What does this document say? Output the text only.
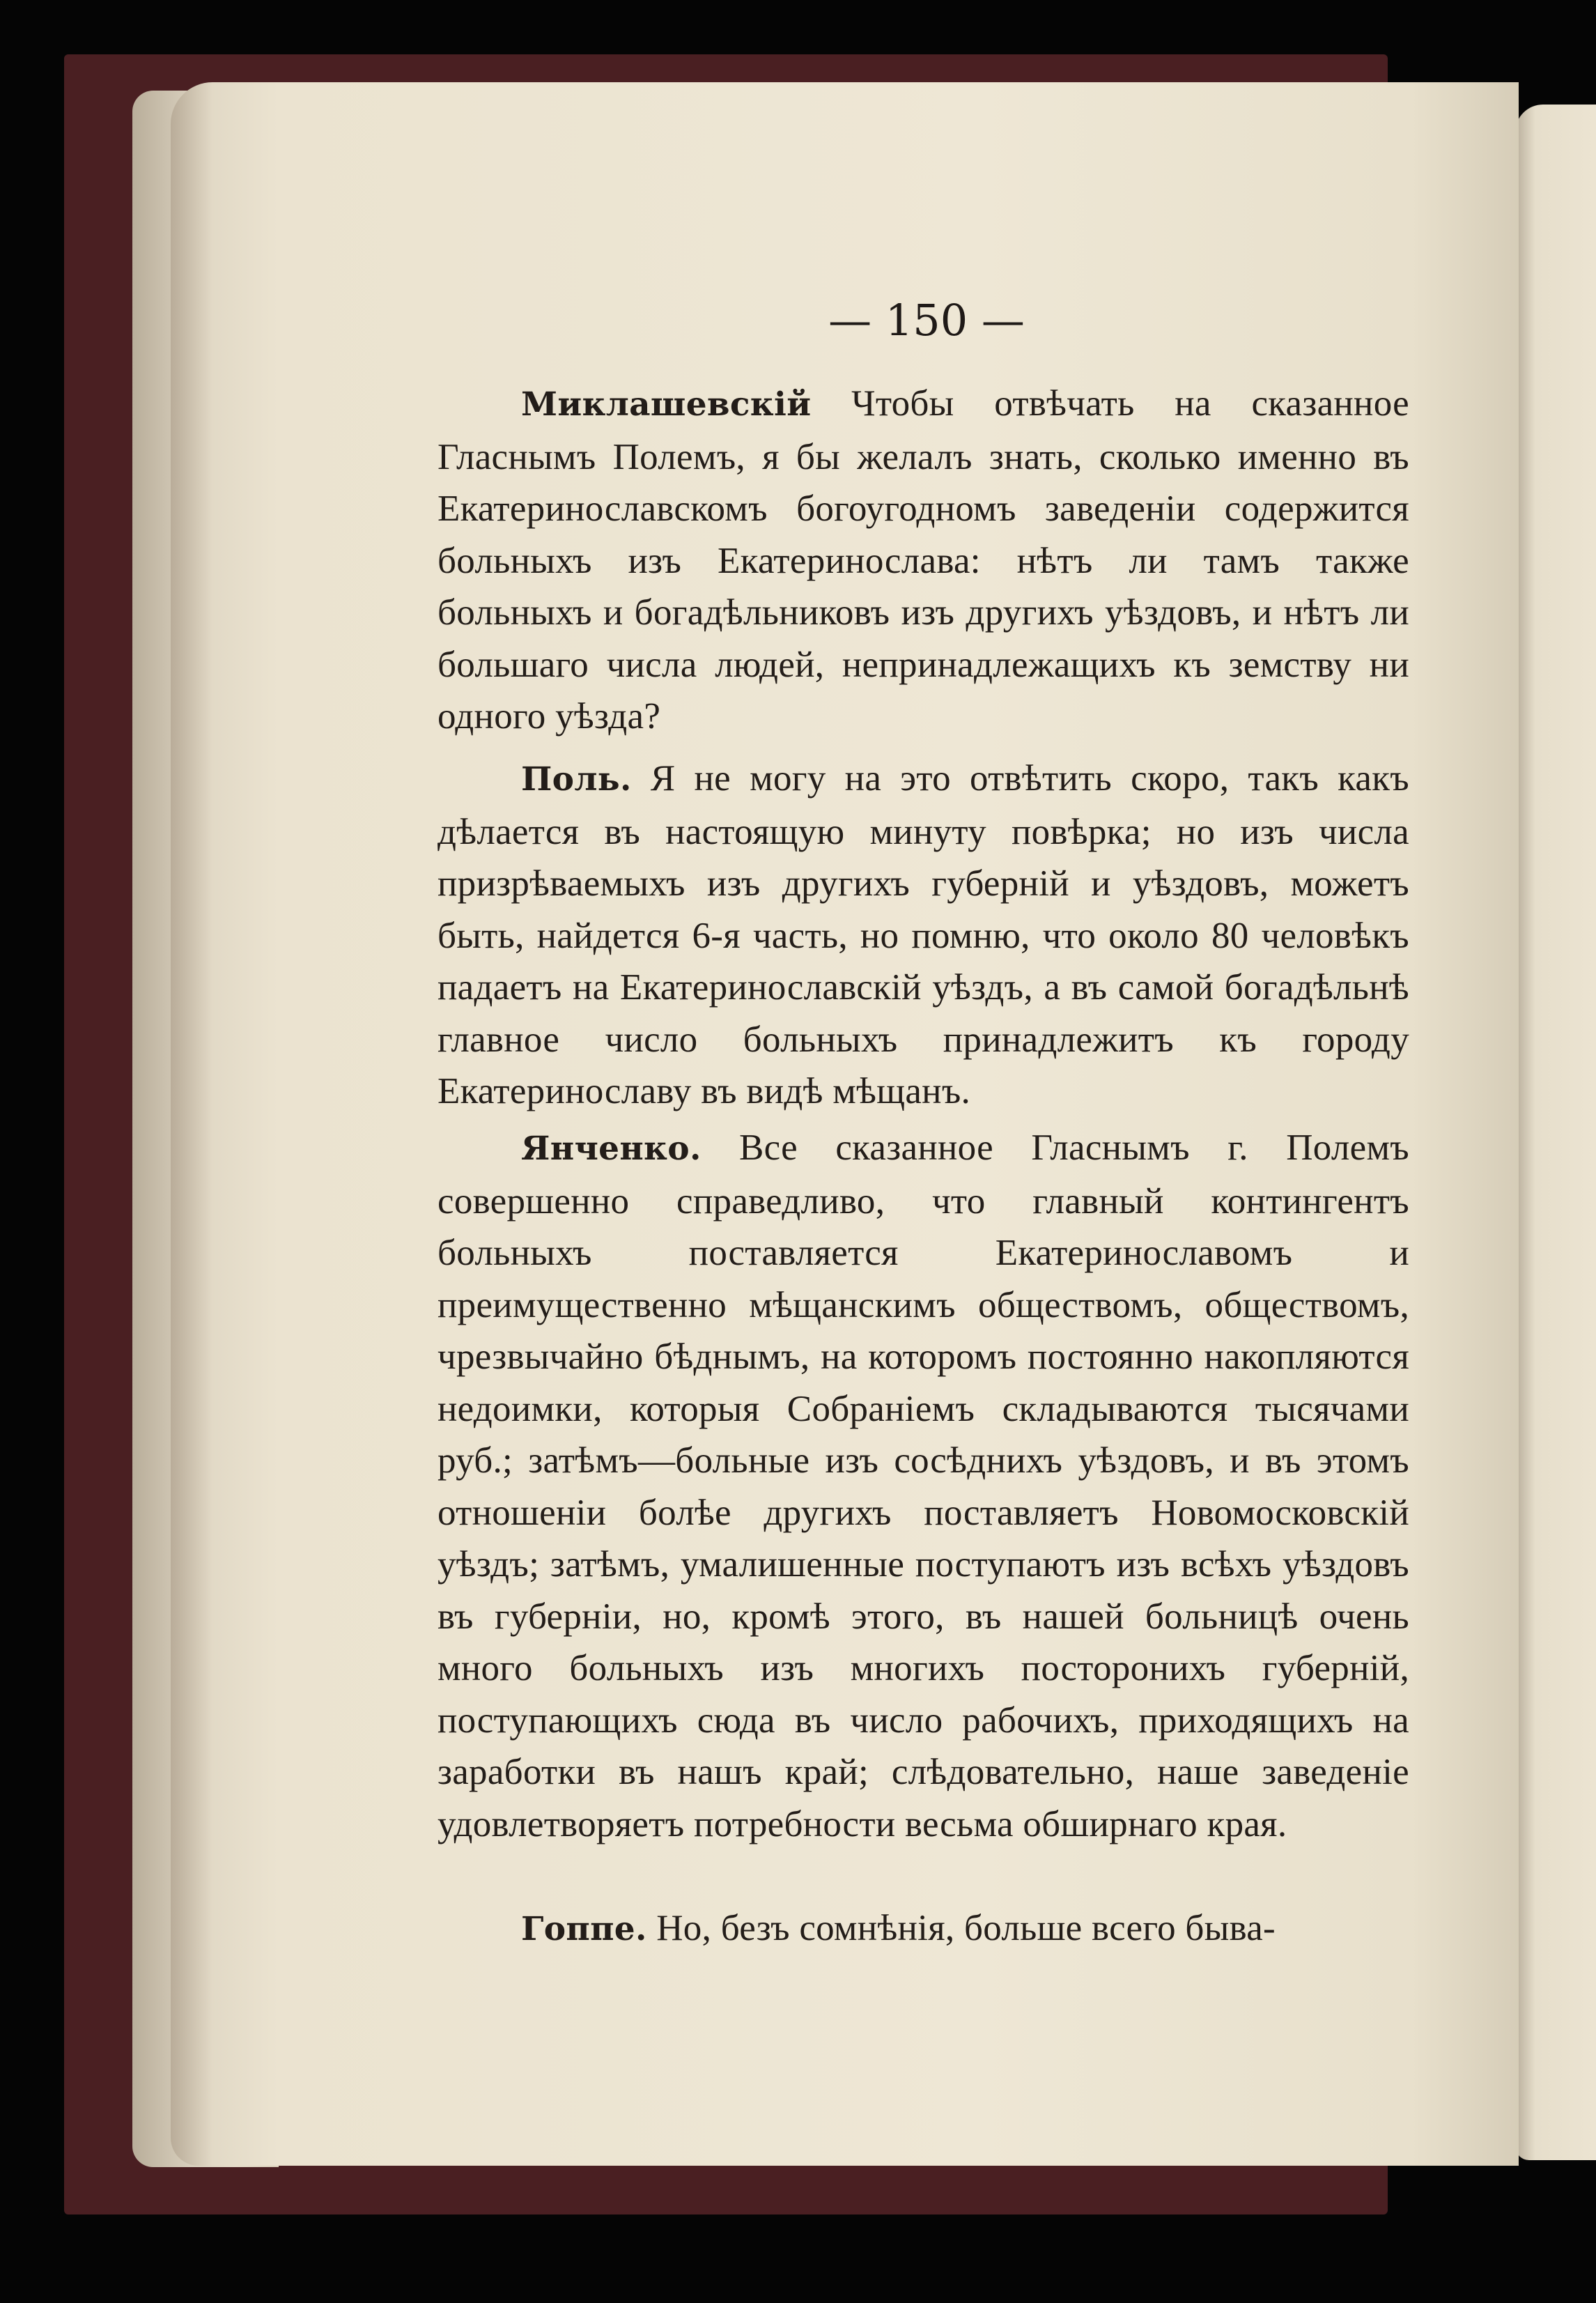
— 150 —

Миклашевскій Чтобы отвѣчать на сказанное Гласнымъ Полемъ, я бы желалъ знать, сколько именно въ Екатеринославскомъ богоугодномъ заведеніи содержится больныхъ изъ Екатеринослава: нѣтъ ли тамъ также больныхъ и богадѣльниковъ изъ другихъ уѣздовъ, и нѣтъ ли большаго числа людей, непринадлежащихъ къ земству ни одного уѣзда?

Поль. Я не могу на это отвѣтить скоро, такъ какъ дѣлается въ настоящую минуту повѣрка; но изъ числа призрѣваемыхъ изъ другихъ губерній и уѣздовъ, можетъ быть, найдется 6-я часть, но помню, что около 80 человѣкъ падаетъ на Екатеринославскій уѣздъ, а въ самой богадѣльнѣ главное число больныхъ принадлежитъ къ городу Екатеринославу въ видѣ мѣщанъ.

Янченко. Все сказанное Гласнымъ г. Полемъ совершенно справедливо, что главный контингентъ больныхъ поставляется Екатеринославомъ и преимущественно мѣщанскимъ обществомъ, обществомъ, чрезвычайно бѣднымъ, на которомъ постоянно накопляются недоимки, которыя Собраніемъ складываются тысячами руб.; затѣмъ—больные изъ сосѣднихъ уѣздовъ, и въ этомъ отношеніи болѣе другихъ поставляетъ Новомосковскій уѣздъ; затѣмъ, умалишенные поступаютъ изъ всѣхъ уѣздовъ въ губерніи, но, кромѣ этого, въ нашей больницѣ очень много больныхъ изъ многихъ посторонихъ губерній, поступающихъ сюда въ число рабочихъ, приходящихъ на заработки въ нашъ край; слѣдовательно, наше заведеніе удовлетворяетъ потребности весьма обширнаго края.

Гоппе. Но, безъ сомнѣнія, больше всего быва-
